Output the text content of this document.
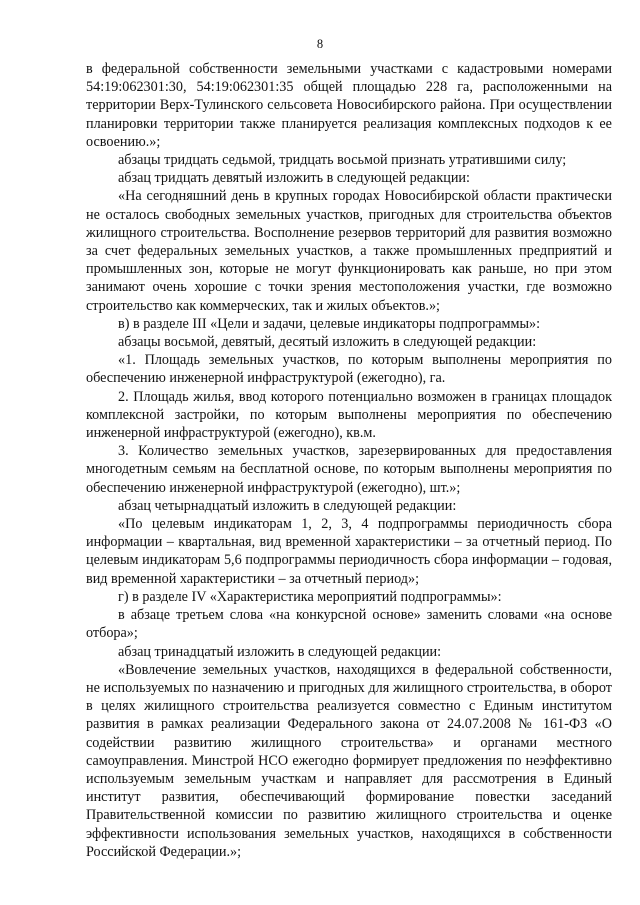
8

в федеральной собственности земельными участками с кадастровыми номерами 54:19:062301:30, 54:19:062301:35 общей площадью 228 га, расположенными на территории Верх-Тулинского сельсовета Новосибирского района. При осуществлении планировки территории также планируется реализация комплексных подходов к ее освоению.»;

абзацы тридцать седьмой, тридцать восьмой признать утратившими силу;

абзац тридцать девятый изложить в следующей редакции:

«На сегодняшний день в крупных городах Новосибирской области практически не осталось свободных земельных участков, пригодных для строительства объектов жилищного строительства. Восполнение резервов территорий для развития возможно за счет федеральных земельных участков, а также промышленных предприятий и промышленных зон, которые не могут функционировать как раньше, но при этом занимают очень хорошие с точки зрения местоположения участки, где возможно строительство как коммерческих, так и жилых объектов.»;

в) в разделе III «Цели и задачи, целевые индикаторы подпрограммы»:

абзацы восьмой, девятый, десятый изложить в следующей редакции:

«1. Площадь земельных участков, по которым выполнены мероприятия по обеспечению инженерной инфраструктурой (ежегодно), га.

2. Площадь жилья, ввод которого потенциально возможен в границах площадок комплексной застройки, по которым выполнены мероприятия по обеспечению инженерной инфраструктурой (ежегодно), кв.м.

3. Количество земельных участков, зарезервированных для предоставления многодетным семьям на бесплатной основе, по которым выполнены мероприятия по обеспечению инженерной инфраструктурой (ежегодно), шт.»;

абзац четырнадцатый изложить в следующей редакции:

«По целевым индикаторам 1, 2, 3, 4 подпрограммы периодичность сбора информации – квартальная, вид временной характеристики – за отчетный период. По целевым индикаторам 5,6 подпрограммы периодичность сбора информации – годовая, вид временной характеристики – за отчетный период»;

г) в разделе IV «Характеристика мероприятий подпрограммы»:

в абзаце третьем слова «на конкурсной основе» заменить словами «на основе отбора»;

абзац тринадцатый изложить в следующей редакции:

«Вовлечение земельных участков, находящихся в федеральной собственности, не используемых по назначению и пригодных для жилищного строительства, в оборот в целях жилищного строительства реализуется совместно с Единым институтом развития в рамках реализации Федерального закона от 24.07.2008 № 161-ФЗ «О содействии развитию жилищного строительства» и органами местного самоуправления. Минстрой НСО ежегодно формирует предложения по неэффективно используемым земельным участкам и направляет для рассмотрения в Единый институт развития, обеспечивающий формирование повестки заседаний Правительственной комиссии по развитию жилищного строительства и оценке эффективности использования земельных участков, находящихся в собственности Российской Федерации.»;
